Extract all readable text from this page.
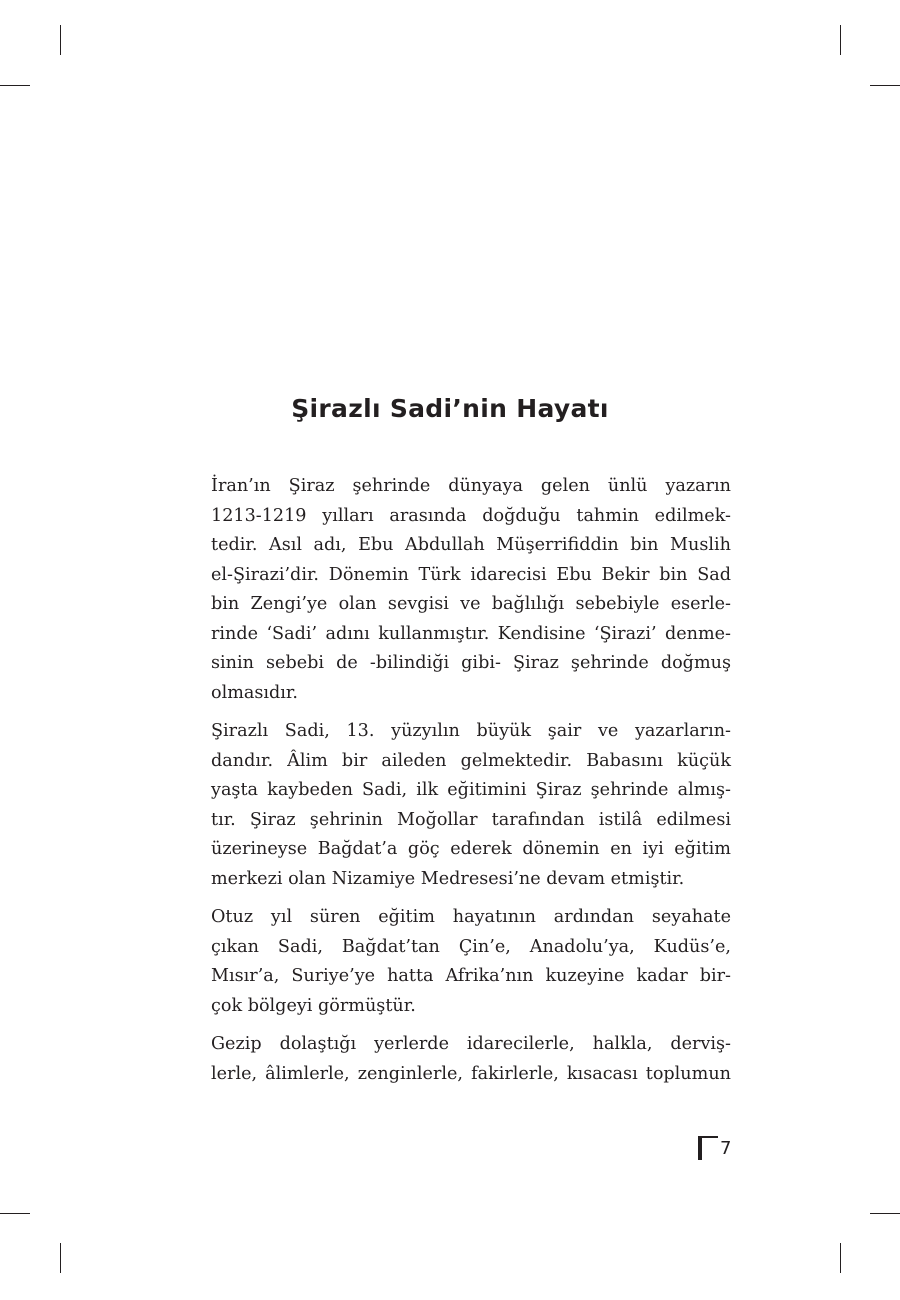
Şirazlı Sadi’nin Hayatı

İran’ın Şiraz şehrinde dünyaya gelen ünlü yazarın
1213-1219 yılları arasında doğduğu tahmin edilmek-
tedir. Asıl adı, Ebu Abdullah Müşerrifiddin bin Muslih
el-Şirazi’dir. Dönemin Türk idarecisi Ebu Bekir bin Sad
bin Zengi’ye olan sevgisi ve bağlılığı sebebiyle eserle-
rinde ‘Sadi’ adını kullanmıştır. Kendisine ‘Şirazi’ denme-
sinin sebebi de -bilindiği gibi- Şiraz şehrinde doğmuş
olmasıdır.

Şirazlı Sadi, 13. yüzyılın büyük şair ve yazarların-
dandır. Âlim bir aileden gelmektedir. Babasını küçük
yaşta kaybeden Sadi, ilk eğitimini Şiraz şehrinde almış-
tır. Şiraz şehrinin Moğollar tarafından istilâ edilmesi
üzerineyse Bağdat’a göç ederek dönemin en iyi eğitim
merkezi olan Nizamiye Medresesi’ne devam etmiştir.

Otuz yıl süren eğitim hayatının ardından seyahate
çıkan Sadi, Bağdat’tan Çin’e, Anadolu’ya, Kudüs’e,
Mısır’a, Suriye’ye hatta Afrika’nın kuzeyine kadar bir-
çok bölgeyi görmüştür.

Gezip dolaştığı yerlerde idarecilerle, halkla, derviş-
lerle, âlimlerle, zenginlerle, fakirlerle, kısacası toplumun

7
